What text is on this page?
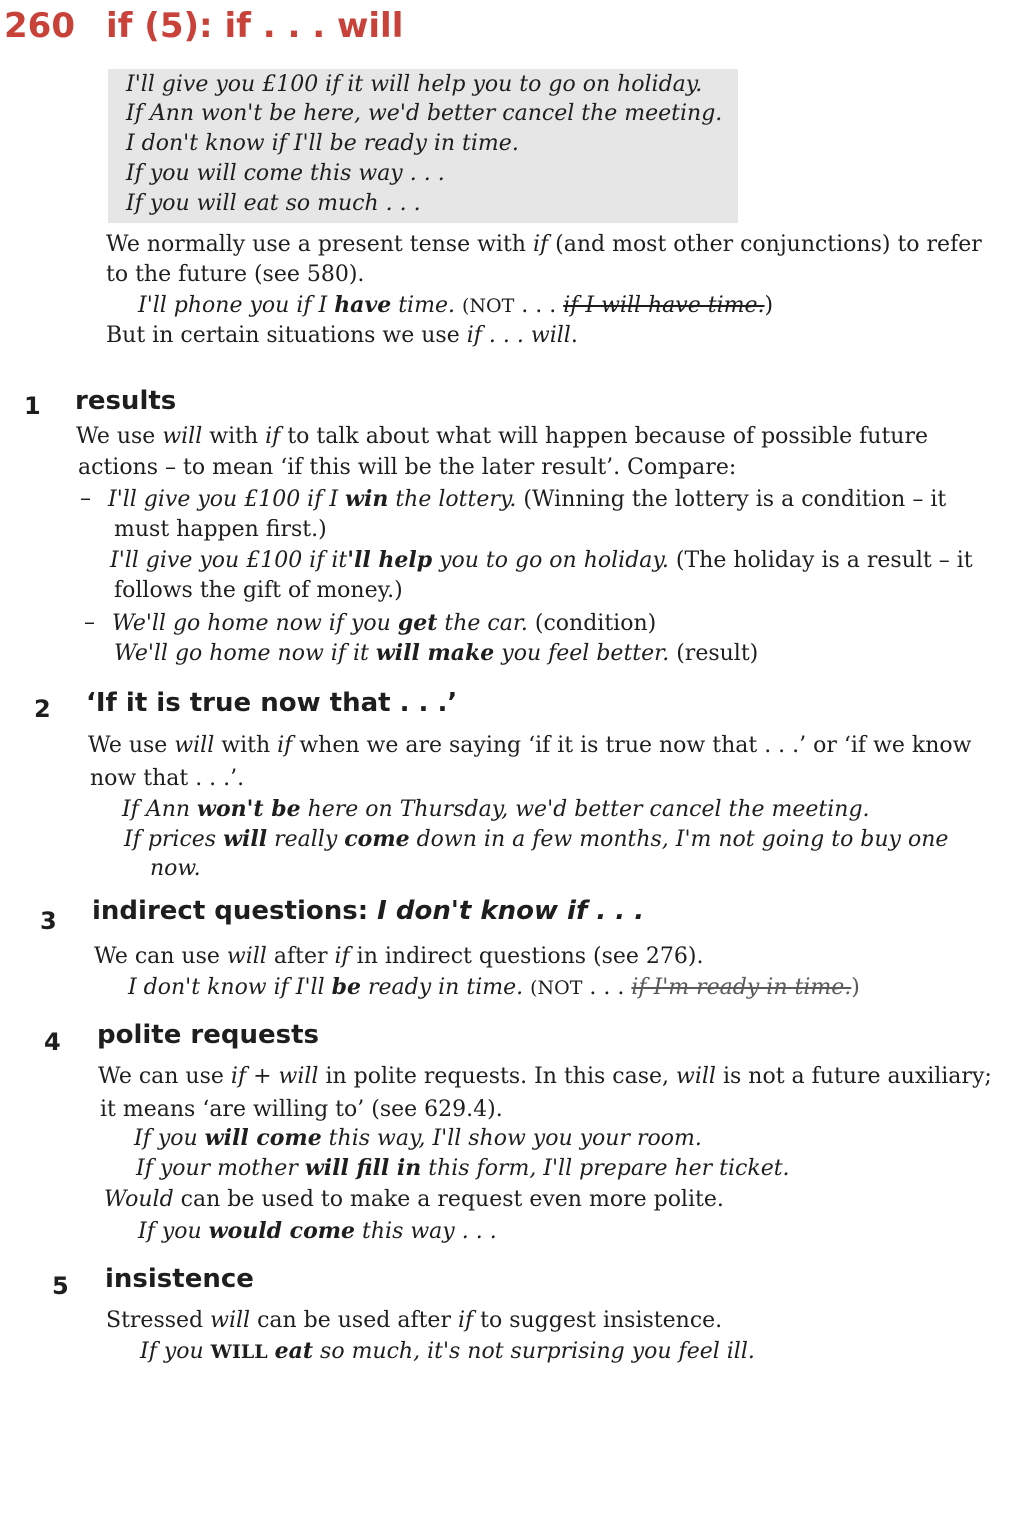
260 if (5): if . . . will
I'll give you £100 if it will help you to go on holiday.
If Ann won't be here, we'd better cancel the meeting.
I don't know if I'll be ready in time.
If you will come this way . . .
If you will eat so much . . .
We normally use a present tense with if (and most other conjunctions) to refer
to the future (see 580).
I'll phone you if I have time. (NOT . . . if I will have time.)
But in certain situations we use if . . . will.
1 results
We use will with if to talk about what will happen because of possible future
actions – to mean ‘if this will be the later result’. Compare:
– I'll give you £100 if I win the lottery. (Winning the lottery is a condition – it
must happen first.)
I'll give you £100 if it'll help you to go on holiday. (The holiday is a result – it
follows the gift of money.)
– We'll go home now if you get the car. (condition)
We'll go home now if it will make you feel better. (result)
2 ‘If it is true now that . . .’
We use will with if when we are saying ‘if it is true now that . . .’ or ‘if we know
now that . . .’.
If Ann won't be here on Thursday, we'd better cancel the meeting.
If prices will really come down in a few months, I'm not going to buy one
now.
3 indirect questions: I don't know if . . .
We can use will after if in indirect questions (see 276).
I don't know if I'll be ready in time. (NOT . . . if I'm ready in time.)
4 polite requests
We can use if + will in polite requests. In this case, will is not a future auxiliary;
it means ‘are willing to’ (see 629.4).
If you will come this way, I'll show you your room.
If your mother will fill in this form, I'll prepare her ticket.
Would can be used to make a request even more polite.
If you would come this way . . .
5 insistence
Stressed will can be used after if to suggest insistence.
If you WILL eat so much, it's not surprising you feel ill.
